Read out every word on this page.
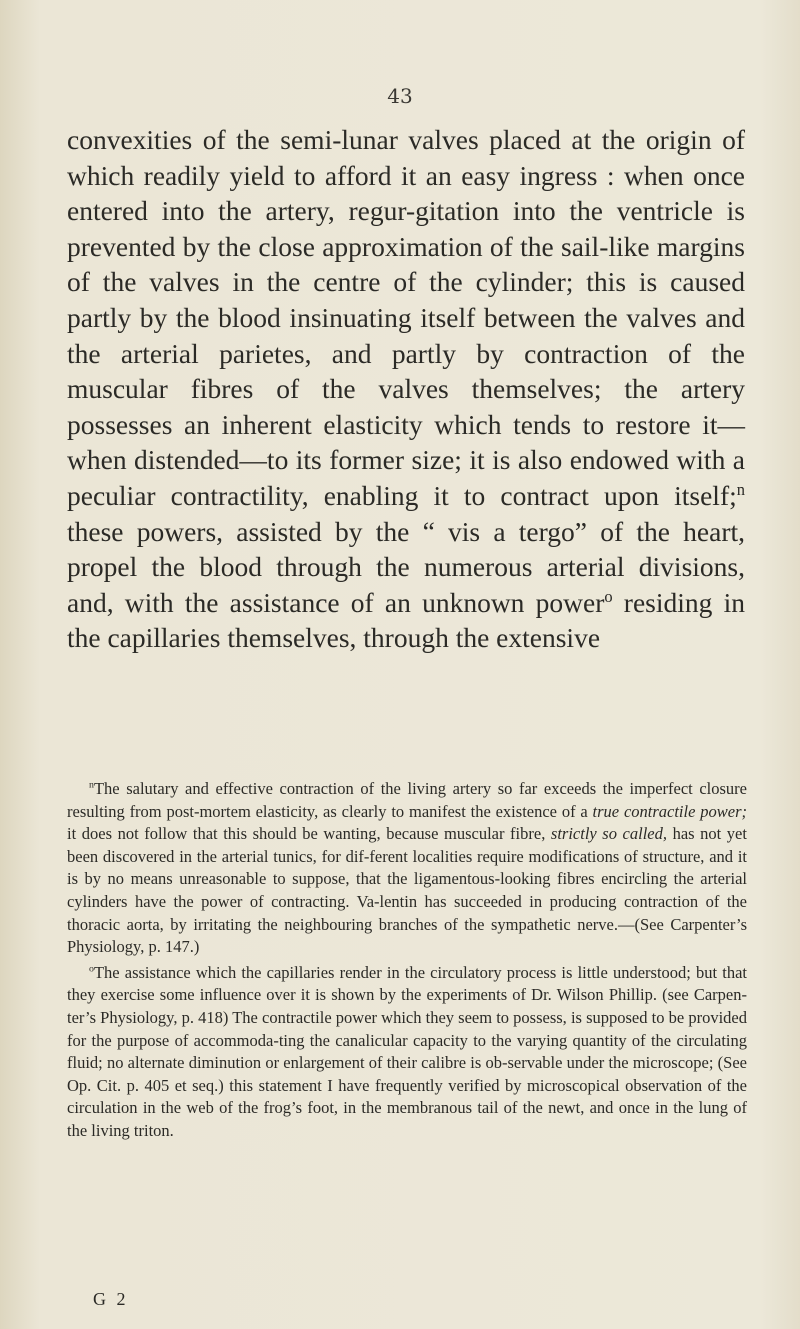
43

convexities of the semi-lunar valves placed at the origin of which readily yield to afford it an easy ingress : when once entered into the artery, regur-gitation into the ventricle is prevented by the close approximation of the sail-like margins of the valves in the centre of the cylinder; this is caused partly by the blood insinuating itself between the valves and the arterial parietes, and partly by contraction of the muscular fibres of the valves themselves; the artery possesses an inherent elasticity which tends to restore it—when distended—to its former size; it is also endowed with a peculiar contractility, enabling it to contract upon itself;$^n$ these powers, assisted by the “ vis a tergo” of the heart, propel the blood through the numerous arterial divisions, and, with the assistance of an unknown power$^o$ residing in the capillaries themselves, through the extensive

$^n$The salutary and effective contraction of the living artery so far exceeds the imperfect closure resulting from post-mortem elasticity, as clearly to manifest the existence of a true contractile power; it does not follow that this should be wanting, because muscular fibre, strictly so called, has not yet been discovered in the arterial tunics, for dif-ferent localities require modifications of structure, and it is by no means unreasonable to suppose, that the ligamentous-looking fibres encircling the arterial cylinders have the power of contracting. Va-lentin has succeeded in producing contraction of the thoracic aorta, by irritating the neighbouring branches of the sympathetic nerve.—(See Carpenter’s Physiology, p. 147.)

$^o$The assistance which the capillaries render in the circulatory process is little understood; but that they exercise some influence over it is shown by the experiments of Dr. Wilson Phillip. (see Carpen-ter’s Physiology, p. 418) The contractile power which they seem to possess, is supposed to be provided for the purpose of accommoda-ting the canalicular capacity to the varying quantity of the circulating fluid; no alternate diminution or enlargement of their calibre is ob-servable under the microscope; (See Op. Cit. p. 405 et seq.) this statement I have frequently verified by microscopical observation of the circulation in the web of the frog’s foot, in the membranous tail of the newt, and once in the lung of the living triton.

G 2
